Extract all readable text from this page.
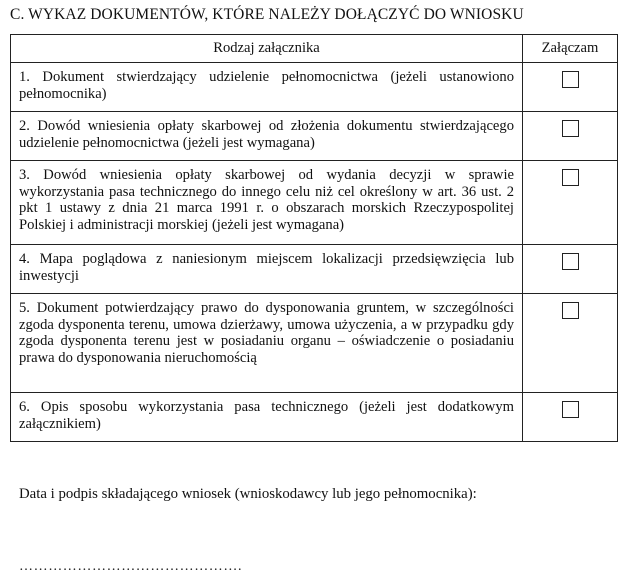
C. WYKAZ DOKUMENTÓW, KTÓRE NALEŻY DOŁĄCZYĆ DO WNIOSKU
Rodzaj załącznika	Załączam
1. Dokument stwierdzający udzielenie pełnomocnictwa (jeżeli ustanowiono pełnomocnika)	
2. Dowód wniesienia opłaty skarbowej od złożenia dokumentu stwierdzającego udzielenie pełnomocnictwa (jeżeli jest wymagana)	
3. Dowód wniesienia opłaty skarbowej od wydania decyzji w sprawie wykorzystania pasa technicznego do innego celu niż cel określony w art. 36 ust. 2 pkt 1 ustawy z dnia 21 marca 1991 r. o obszarach morskich Rzeczypospolitej Polskiej i administracji morskiej (jeżeli jest wymagana)	
4. Mapa poglądowa z naniesionym miejscem lokalizacji przedsięwzięcia lub inwestycji	
5. Dokument potwierdzający prawo do dysponowania gruntem, w szczególności zgoda dysponenta terenu, umowa dzierżawy, umowa użyczenia, a w przypadku gdy zgoda dysponenta terenu jest w posiadaniu organu – oświadczenie o posiadaniu prawa do dysponowania nieruchomością	
6. Opis sposobu wykorzystania pasa technicznego (jeżeli jest dodatkowym załącznikiem)	
Data i podpis składającego wniosek (wnioskodawcy lub jego pełnomocnika):
……………………………………….
